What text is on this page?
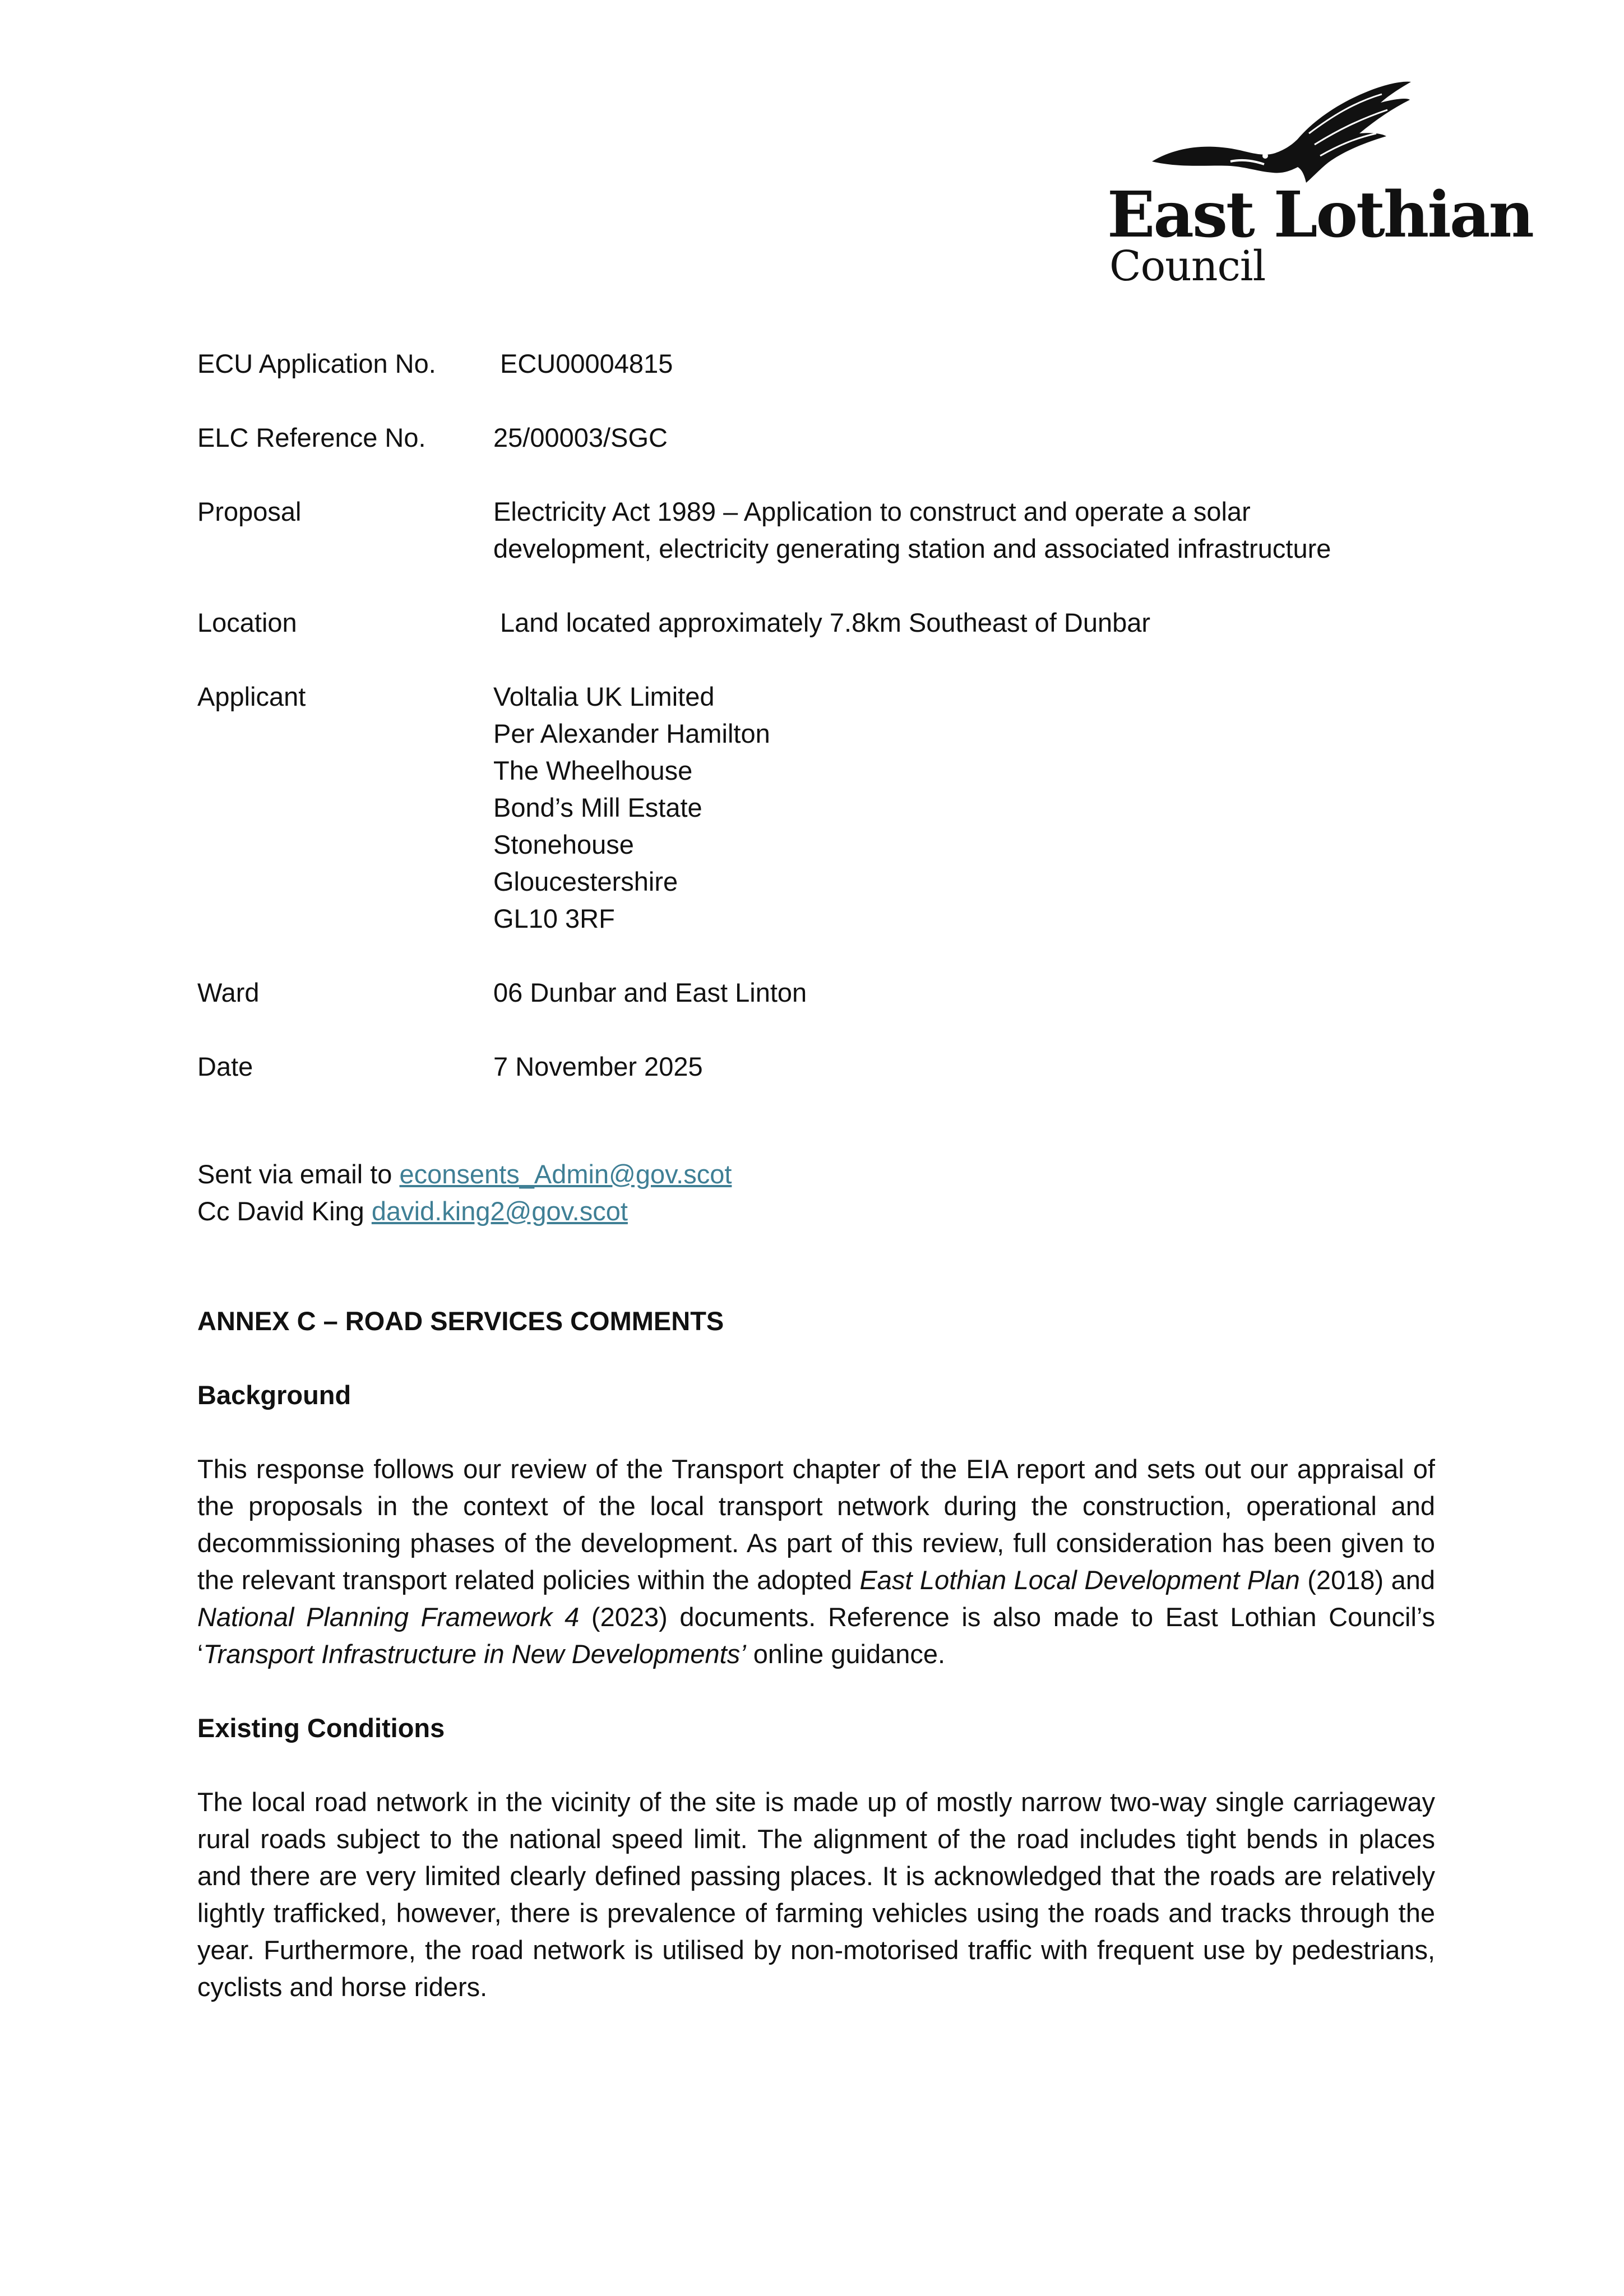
East Lothian
Council
ECU Application No.	ECU00004815
ELC Reference No.	25/00003/SGC
Proposal	Electricity Act 1989 – Application to construct and operate a solar
development, electricity generating station and associated infrastructure
Location	Land located approximately 7.8km Southeast of Dunbar
Applicant	Voltalia UK Limited
Per Alexander Hamilton
The Wheelhouse
Bond’s Mill Estate
Stonehouse
Gloucestershire
GL10 3RF
Ward	06 Dunbar and East Linton
Date	7 November 2025
Sent via email to econsents_Admin@gov.scot
Cc David King david.king2@gov.scot
ANNEX C – ROAD SERVICES COMMENTS
Background

This response follows our review of the Transport chapter of the EIA report and sets out our appraisal of the proposals in the context of the local transport network during the construction, operational and decommissioning phases of the development. As part of this review, full consideration has been given to the relevant transport related policies within the adopted East Lothian Local Development Plan (2018) and National Planning Framework 4 (2023) documents. Reference is also made to East Lothian Council’s ‘Transport Infrastructure in New Developments’ online guidance.

Existing Conditions

The local road network in the vicinity of the site is made up of mostly narrow two-way single carriageway rural roads subject to the national speed limit. The alignment of the road includes tight bends in places and there are very limited clearly defined passing places. It is acknowledged that the roads are relatively lightly trafficked, however, there is prevalence of farming vehicles using the roads and tracks through the year. Furthermore, the road network is utilised by non-motorised traffic with frequent use by pedestrians, cyclists and horse riders.
